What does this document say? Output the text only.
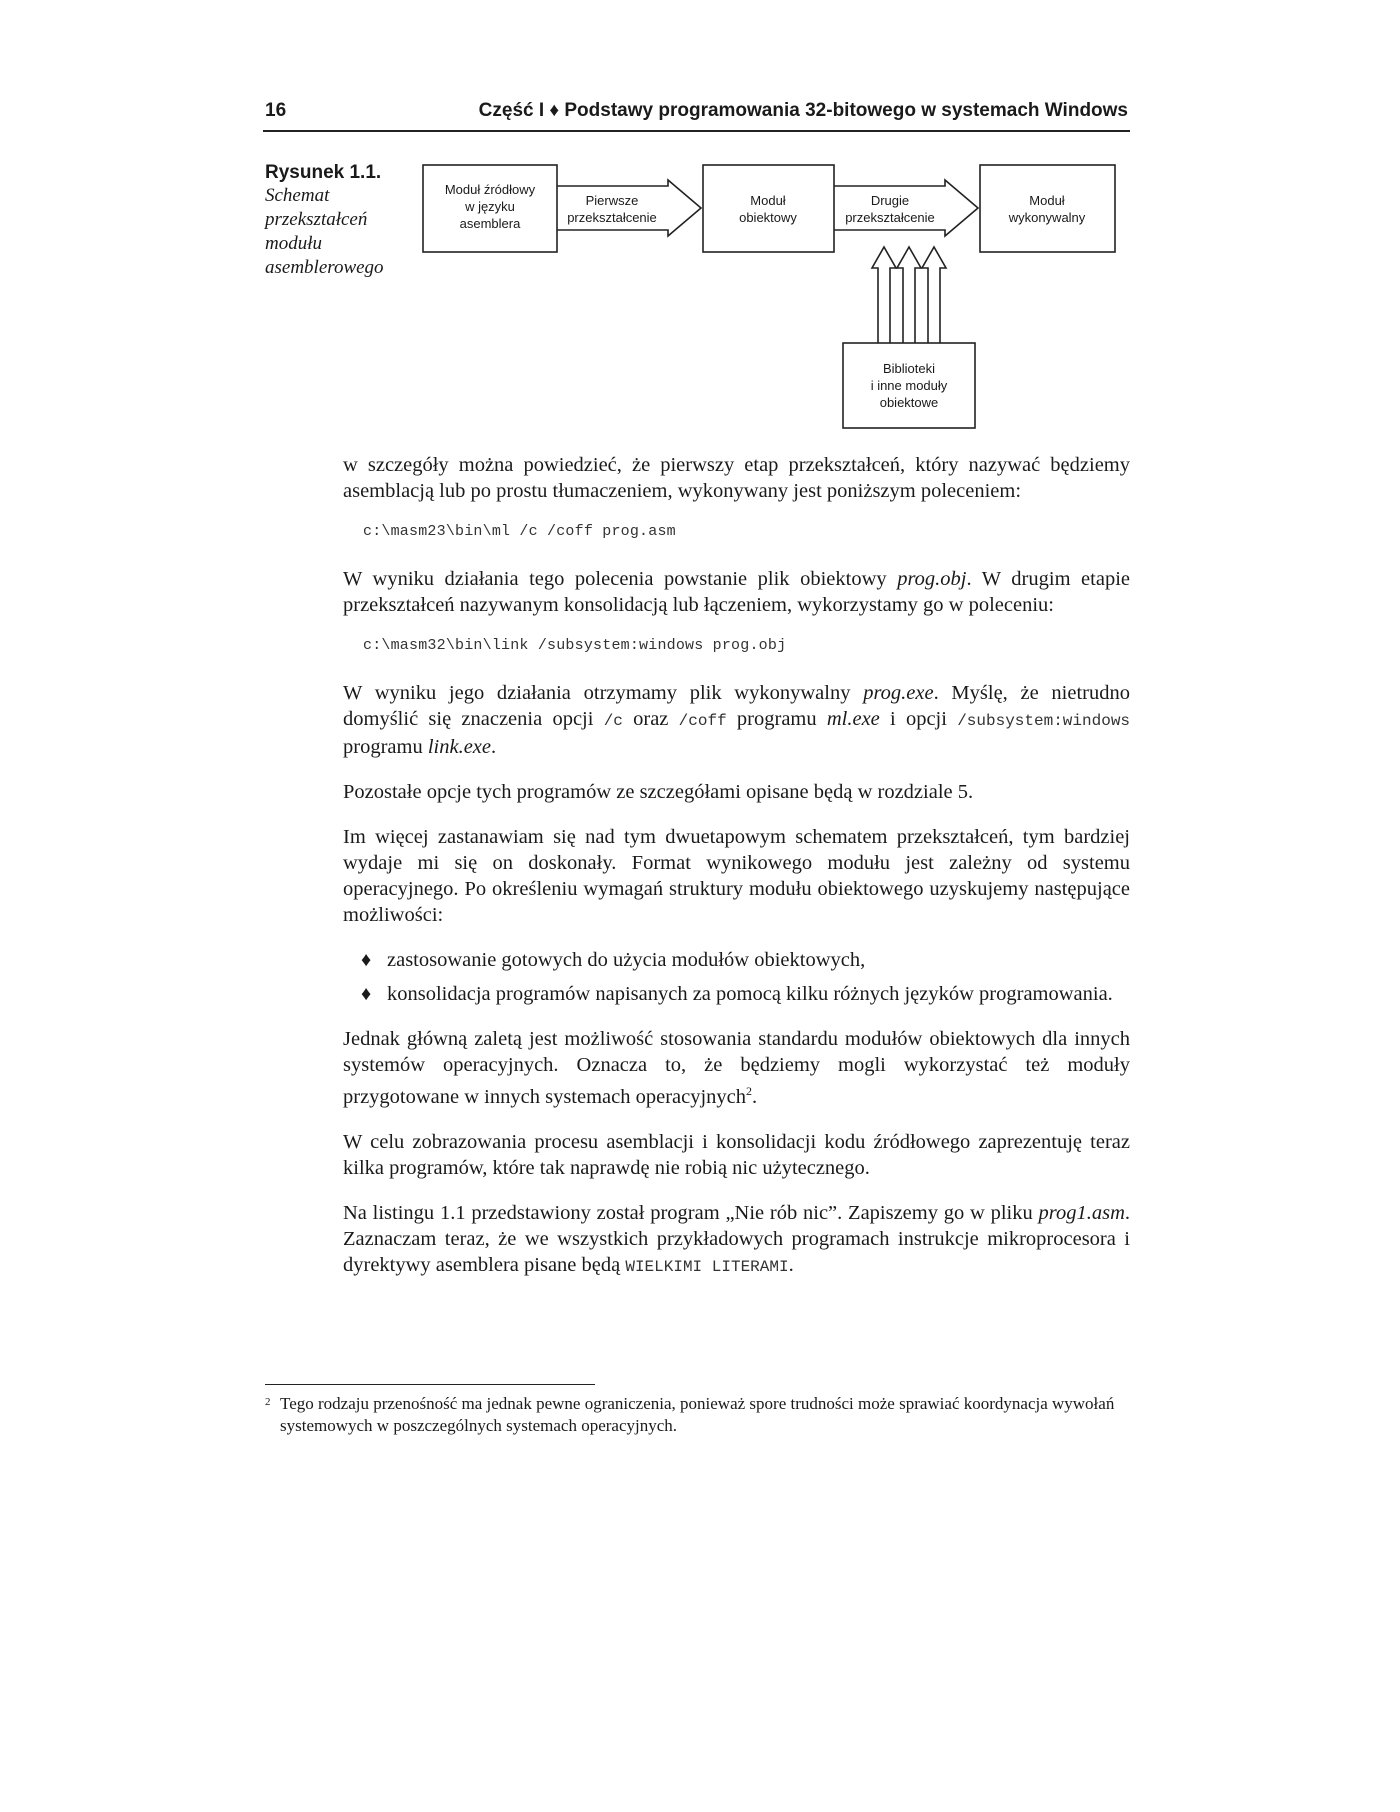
16	Część I ♦ Podstawy programowania 32-bitowego w systemach Windows
Rysunek 1.1.
Schemat przekształceń modułu asemblerowego
Moduł źródłowy
w języku
asemblera
Pierwsze
przekształcenie
Moduł
obiektowy
Drugie
przekształcenie
Moduł
wykonywalny
Biblioteki
i inne moduły
obiektowe

w szczegóły można powiedzieć, że pierwszy etap przekształceń, który nazywać będziemy asemblacją lub po prostu tłumaczeniem, wykonywany jest poniższym poleceniem:

c:\masm23\bin\ml /c /coff prog.asm

W wyniku działania tego polecenia powstanie plik obiektowy prog.obj. W drugim etapie przekształceń nazywanym konsolidacją lub łączeniem, wykorzystamy go w poleceniu:

c:\masm32\bin\link /subsystem:windows prog.obj

W wyniku jego działania otrzymamy plik wykonywalny prog.exe. Myślę, że nietrudno domyślić się znaczenia opcji /c oraz /coff programu ml.exe i opcji /subsystem:windows programu link.exe.

Pozostałe opcje tych programów ze szczegółami opisane będą w rozdziale 5.

Im więcej zastanawiam się nad tym dwuetapowym schematem przekształceń, tym bardziej wydaje mi się on doskonały. Format wynikowego modułu jest zależny od systemu operacyjnego. Po określeniu wymagań struktury modułu obiektowego uzyskujemy następujące możliwości:

♦ zastosowanie gotowych do użycia modułów obiektowych,
♦ konsolidacja programów napisanych za pomocą kilku różnych języków programowania.

Jednak główną zaletą jest możliwość stosowania standardu modułów obiektowych dla innych systemów operacyjnych. Oznacza to, że będziemy mogli wykorzystać też moduły przygotowane w innych systemach operacyjnych$^2$.

W celu zobrazowania procesu asemblacji i konsolidacji kodu źródłowego zaprezentuję teraz kilka programów, które tak naprawdę nie robią nic użytecznego.

Na listingu 1.1 przedstawiony został program „Nie rób nic”. Zapiszemy go w pliku prog1.asm. Zaznaczam teraz, że we wszystkich przykładowych programach instrukcje mikroprocesora i dyrektywy asemblera pisane będą WIELKIMI LITERAMI.

2 Tego rodzaju przenośność ma jednak pewne ograniczenia, ponieważ spore trudności może sprawiać koordynacja wywołań systemowych w poszczególnych systemach operacyjnych.
